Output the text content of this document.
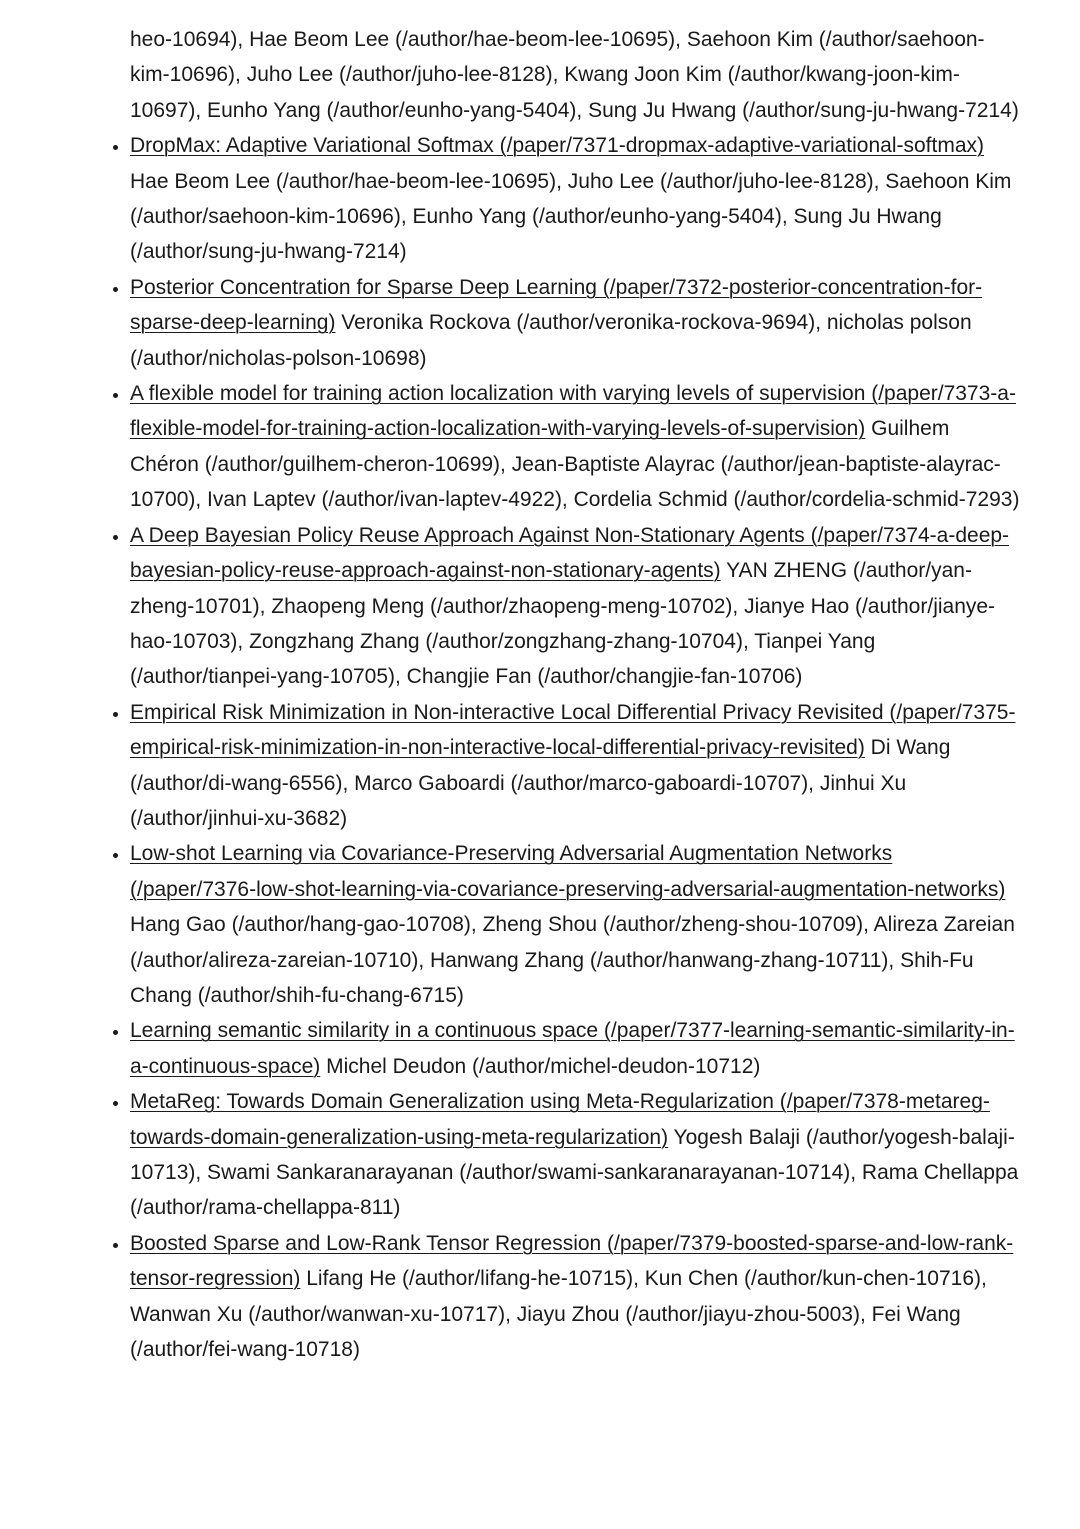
heo-10694), Hae Beom Lee (/author/hae-beom-lee-10695), Saehoon Kim (/author/saehoon-kim-10696), Juho Lee (/author/juho-lee-8128), Kwang Joon Kim (/author/kwang-joon-kim-10697), Eunho Yang (/author/eunho-yang-5404), Sung Ju Hwang (/author/sung-ju-hwang-7214)
• DropMax: Adaptive Variational Softmax (/paper/7371-dropmax-adaptive-variational-softmax) Hae Beom Lee (/author/hae-beom-lee-10695), Juho Lee (/author/juho-lee-8128), Saehoon Kim (/author/saehoon-kim-10696), Eunho Yang (/author/eunho-yang-5404), Sung Ju Hwang (/author/sung-ju-hwang-7214)
• Posterior Concentration for Sparse Deep Learning (/paper/7372-posterior-concentration-for-sparse-deep-learning) Veronika Rockova (/author/veronika-rockova-9694), nicholas polson (/author/nicholas-polson-10698)
• A flexible model for training action localization with varying levels of supervision (/paper/7373-a-flexible-model-for-training-action-localization-with-varying-levels-of-supervision) Guilhem Chéron (/author/guilhem-cheron-10699), Jean-Baptiste Alayrac (/author/jean-baptiste-alayrac-10700), Ivan Laptev (/author/ivan-laptev-4922), Cordelia Schmid (/author/cordelia-schmid-7293)
• A Deep Bayesian Policy Reuse Approach Against Non-Stationary Agents (/paper/7374-a-deep-bayesian-policy-reuse-approach-against-non-stationary-agents) YAN ZHENG (/author/yan-zheng-10701), Zhaopeng Meng (/author/zhaopeng-meng-10702), Jianye Hao (/author/jianye-hao-10703), Zongzhang Zhang (/author/zongzhang-zhang-10704), Tianpei Yang (/author/tianpei-yang-10705), Changjie Fan (/author/changjie-fan-10706)
• Empirical Risk Minimization in Non-interactive Local Differential Privacy Revisited (/paper/7375-empirical-risk-minimization-in-non-interactive-local-differential-privacy-revisited) Di Wang (/author/di-wang-6556), Marco Gaboardi (/author/marco-gaboardi-10707), Jinhui Xu (/author/jinhui-xu-3682)
• Low-shot Learning via Covariance-Preserving Adversarial Augmentation Networks (/paper/7376-low-shot-learning-via-covariance-preserving-adversarial-augmentation-networks) Hang Gao (/author/hang-gao-10708), Zheng Shou (/author/zheng-shou-10709), Alireza Zareian (/author/alireza-zareian-10710), Hanwang Zhang (/author/hanwang-zhang-10711), Shih-Fu Chang (/author/shih-fu-chang-6715)
• Learning semantic similarity in a continuous space (/paper/7377-learning-semantic-similarity-in-a-continuous-space) Michel Deudon (/author/michel-deudon-10712)
• MetaReg: Towards Domain Generalization using Meta-Regularization (/paper/7378-metareg-towards-domain-generalization-using-meta-regularization) Yogesh Balaji (/author/yogesh-balaji-10713), Swami Sankaranarayanan (/author/swami-sankaranarayanan-10714), Rama Chellappa (/author/rama-chellappa-811)
• Boosted Sparse and Low-Rank Tensor Regression (/paper/7379-boosted-sparse-and-low-rank-tensor-regression) Lifang He (/author/lifang-he-10715), Kun Chen (/author/kun-chen-10716), Wanwan Xu (/author/wanwan-xu-10717), Jiayu Zhou (/author/jiayu-zhou-5003), Fei Wang (/author/fei-wang-10718)
